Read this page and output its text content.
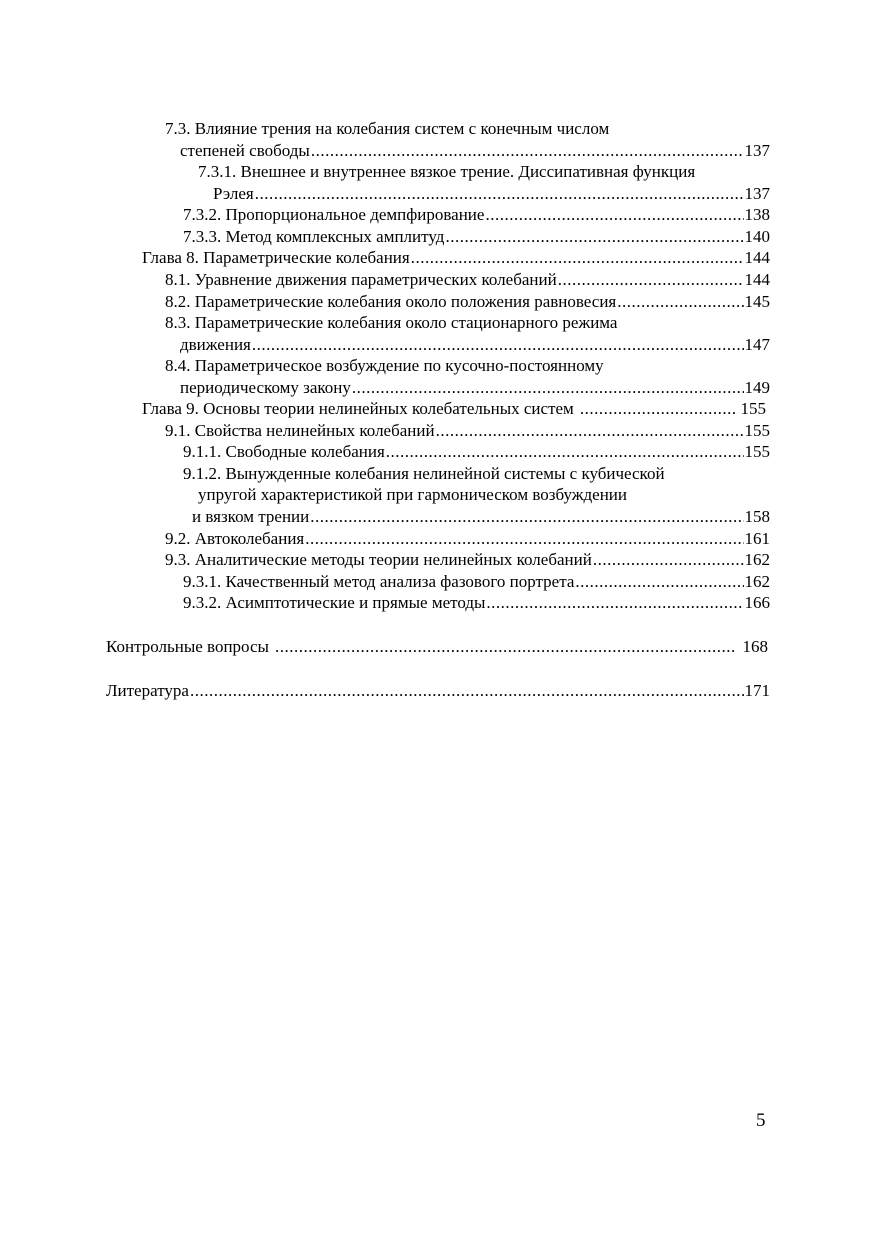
7.3. Влияние трения на колебания систем с конечным числом
степеней свободы .....	137
7.3.1. Внешнее и внутреннее вязкое трение. Диссипативная функция
Рэлея .....	137
7.3.2. Пропорциональное демпфирование .....	138
7.3.3. Метод комплексных амплитуд .....	140
Глава 8. Параметрические колебания .....	144
8.1. Уравнение движения параметрических колебаний .....	144
8.2. Параметрические колебания около положения равновесия .....	145
8.3. Параметрические колебания около стационарного режима
движения .....	147
8.4. Параметрическое возбуждение по кусочно-постоянному
периодическому закону .....	149
Глава 9. Основы теории нелинейных колебательных систем .....	155
9.1. Свойства нелинейных колебаний .....	155
9.1.1. Свободные колебания .....	155
9.1.2. Вынужденные колебания нелинейной системы с кубической
упругой характеристикой при гармоническом возбуждении
и вязком трении .....	158
9.2. Автоколебания .....	161
9.3. Аналитические методы теории нелинейных колебаний .....	162
9.3.1. Качественный метод анализа фазового портрета .....	162
9.3.2. Асимптотические и прямые методы .....	166
Контрольные вопросы .....	168
Литература .....	171
5
